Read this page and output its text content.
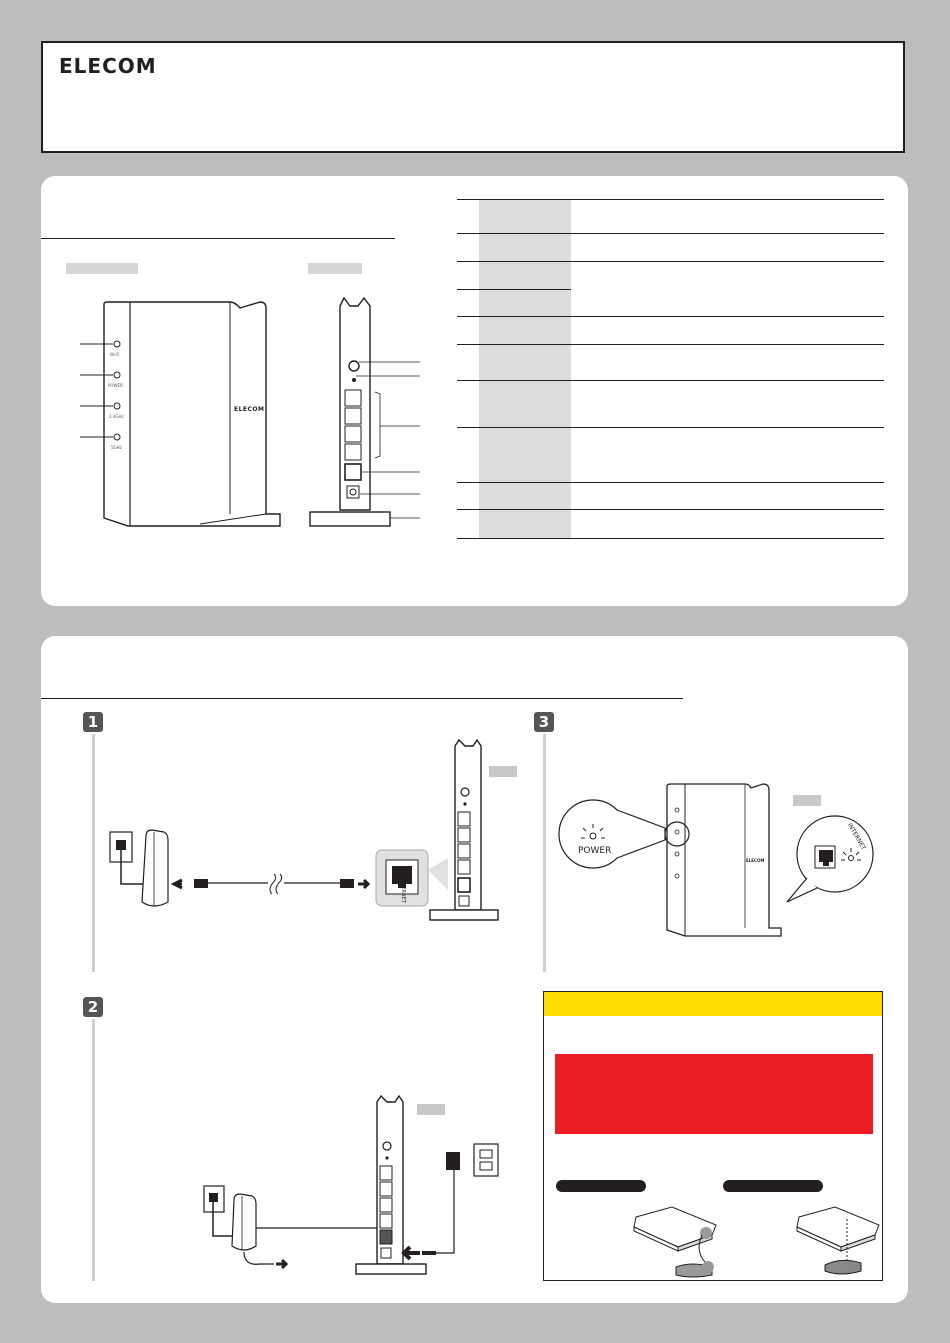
ELECOM
Wi-Fi
POWER
2.4GHz
5GHz
ELECOM
1
INTERNET
3
POWER	INTERNET
ELECOM
2
